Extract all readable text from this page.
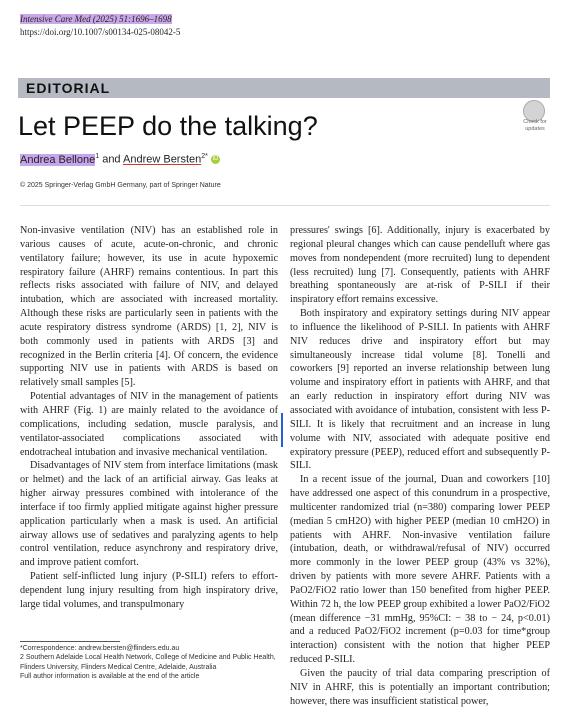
Intensive Care Med (2025) 51:1696–1698
https://doi.org/10.1007/s00134-025-08042-5
EDITORIAL
Let PEEP do the talking?
Andrea Bellone$^1$ and Andrew Bersten$^{2*}$ iD
Check for updates
© 2025 Springer-Verlag GmbH Germany, part of Springer Nature

Non-invasive ventilation (NIV) has an established role in various causes of acute, acute-on-chronic, and chronic ventilatory failure; however, its use in acute hypoxemic respiratory failure (AHRF) remains contentious. In part this reflects risks associated with failure of NIV, and delayed intubation, which are associated with increased mortality. Although these risks are particularly seen in patients with the acute respiratory distress syndrome (ARDS) [1, 2], NIV is both commonly used in patients with ARDS [3] and recognized in the Berlin criteria [4]. Of concern, the evidence supporting NIV use in patients with ARDS is based on relatively small samples [5].

Potential advantages of NIV in the management of patients with AHRF (Fig. 1) are mainly related to the avoidance of complications, including sedation, muscle paralysis, and ventilator-associated complications associated with endotracheal intubation and invasive mechanical ventilation.

Disadvantages of NIV stem from interface limitations (mask or helmet) and the lack of an artificial airway. Gas leaks at higher airway pressures combined with intolerance of the interface if too firmly applied mitigate against higher pressure application particularly when a mask is used. An artificial airway allows use of sedatives and paralyzing agents to help control ventilation, reduce asynchrony and respiratory drive, and improve patient comfort.

Patient self-inflicted lung injury (P-SILI) refers to effort-dependent lung injury resulting from high inspiratory drive, large tidal volumes, and transpulmonary

pressures' swings [6]. Additionally, injury is exacerbated by regional pleural changes which can cause pendelluft where gas moves from nondependent (more recruited) lung to dependent (less recruited) lung [7]. Consequently, patients with AHRF breathing spontaneously are at-risk of P-SILI if their inspiratory effort remains excessive.

Both inspiratory and expiratory settings during NIV appear to influence the likelihood of P-SILI. In patients with AHRF NIV reduces drive and inspiratory effort but may simultaneously increase tidal volume [8]. Tonelli and coworkers [9] reported an inverse relationship between lung volume and inspiratory effort in patients with AHRF, and that an early reduction in inspiratory effort during NIV was associated with avoidance of intubation, consistent with less P-SILI. It is likely that recruitment and an increase in lung volume with NIV, associated with adequate positive end expiratory pressure (PEEP), reduced effort and subsequently P-SILI.

In a recent issue of the journal, Duan and coworkers [10] have addressed one aspect of this conundrum in a prospective, multicenter randomized trial (n=380) comparing lower PEEP (median 5 cmH2O) with higher PEEP (median 10 cmH2O) in patients with AHRF. Non-invasive ventilation failure (intubation, death, or withdrawal/refusal of NIV) occurred more commonly in the lower PEEP group (43% vs 32%), driven by patients with more severe AHRF. Patients with a PaO2/FiO2 ratio lower than 150 benefited from higher PEEP. Within 72 h, the low PEEP group exhibited a lower PaO2/FiO2 (mean difference −31 mmHg, 95%CI: − 38 to − 24, p<0.01) and a reduced PaO2/FiO2 increment (p=0.03 for time*group interaction) consistent with the notion that higher PEEP reduced P-SILI.

Given the paucity of trial data comparing prescription of NIV in AHRF, this is potentially an important contribution; however, there was insufficient statistical power,

*Correspondence: andrew.bersten@flinders.edu.au
2 Southern Adelaide Local Health Network, College of Medicine and Public Health, Flinders University, Flinders Medical Centre, Adelaide, Australia
Full author information is available at the end of the article
